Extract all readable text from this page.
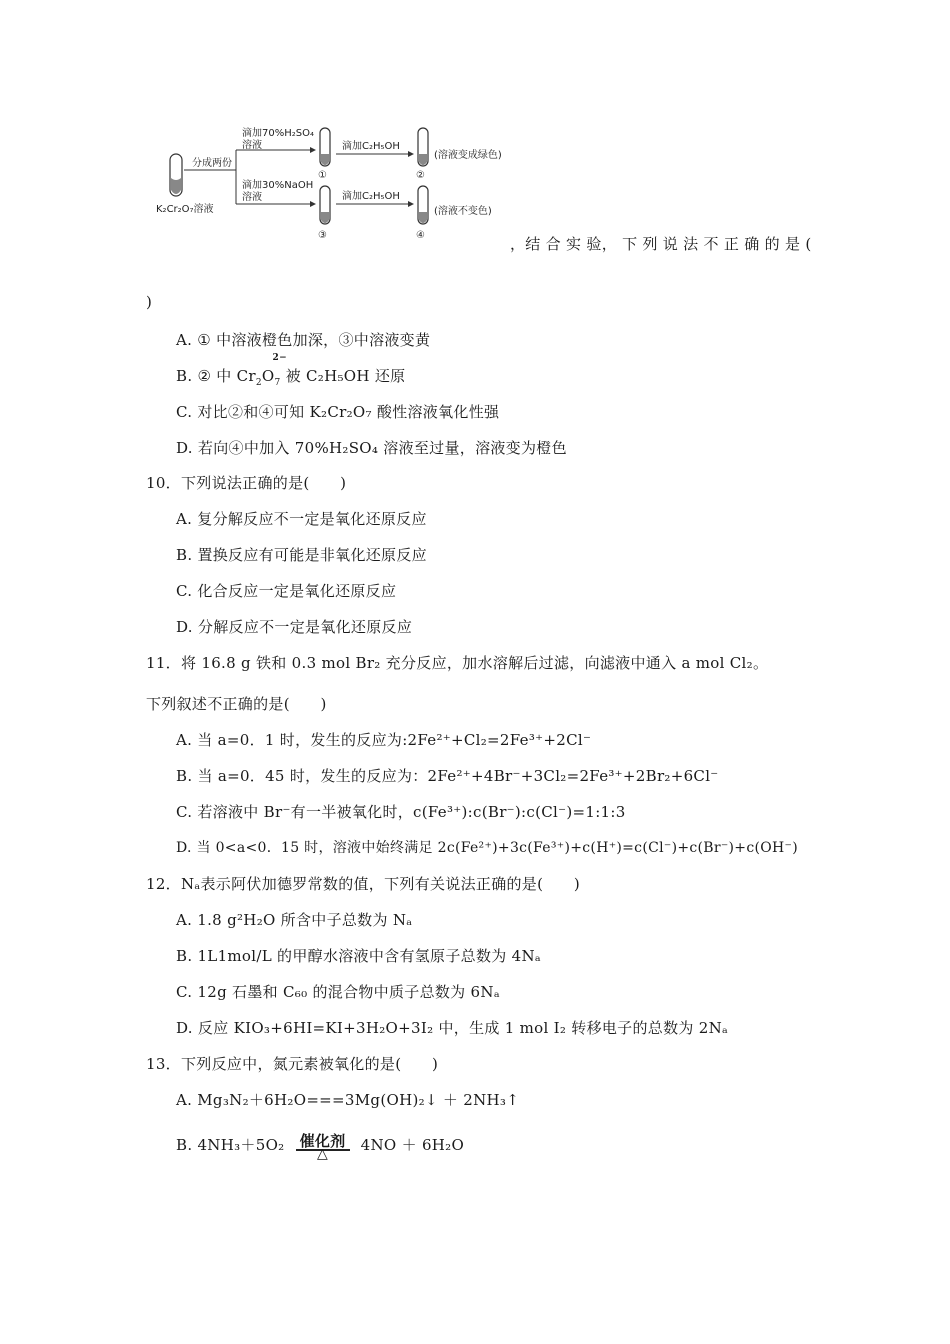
K₂Cr₂O₇溶液
分成两份
滴加70%H₂SO₄
溶液
滴加30%NaOH
溶液
①
③
滴加C₂H₅OH
滴加C₂H₅OH
②
(溶液变成绿色)
④
(溶液不变色)
，结 合 实 验， 下 列 说 法 不 正 确 的 是 (
)
A. ① 中溶液橙色加深，③中溶液变黄
B. ② 中 $Cr_2O_7$
2−
被 C₂H₅OH 还原
C. 对比②和④可知 K₂Cr₂O₇ 酸性溶液氧化性强
D. 若向④中加入 70%H₂SO₄ 溶液至过量，溶液变为橙色
10．下列说法正确的是(　　)
A. 复分解反应不一定是氧化还原反应
B. 置换反应有可能是非氧化还原反应
C. 化合反应一定是氧化还原反应
D. 分解反应不一定是氧化还原反应
11．将 16.8 g 铁和 0.3 mol Br₂ 充分反应，加水溶解后过滤，向滤液中通入 a mol Cl₂。
下列叙述不正确的是(　　)
A. 当 a=0．1 时，发生的反应为:2Fe²⁺+Cl₂=2Fe³⁺+2Cl⁻
B. 当 a=0．45 时，发生的反应为：2Fe²⁺+4Br⁻+3Cl₂=2Fe³⁺+2Br₂+6Cl⁻
C. 若溶液中 Br⁻有一半被氧化时，c(Fe³⁺):c(Br⁻):c(Cl⁻)=1:1:3
D. 当 0<a<0．15 时，溶液中始终满足 2c(Fe²⁺)+3c(Fe³⁺)+c(H⁺)=c(Cl⁻)+c(Br⁻)+c(OH⁻)
12．Nₐ表示阿伏加德罗常数的值，下列有关说法正确的是(　　)
A. 1.8 g²H₂O 所含中子总数为 Nₐ
B. 1L1mol/L 的甲醇水溶液中含有氢原子总数为 4Nₐ
C. 12g 石墨和 C₆₀ 的混合物中质子总数为 6Nₐ
D. 反应 KIO₃+6HI=KI+3H₂O+3I₂ 中，生成 1 mol I₂ 转移电子的总数为 2Nₐ
13．下列反应中，氮元素被氧化的是(　　)
A. Mg₃N₂＋6H₂O===3Mg(OH)₂↓ ＋ 2NH₃↑
B. 4NH₃＋5O₂	催化剂
△	4NO ＋ 6H₂O
